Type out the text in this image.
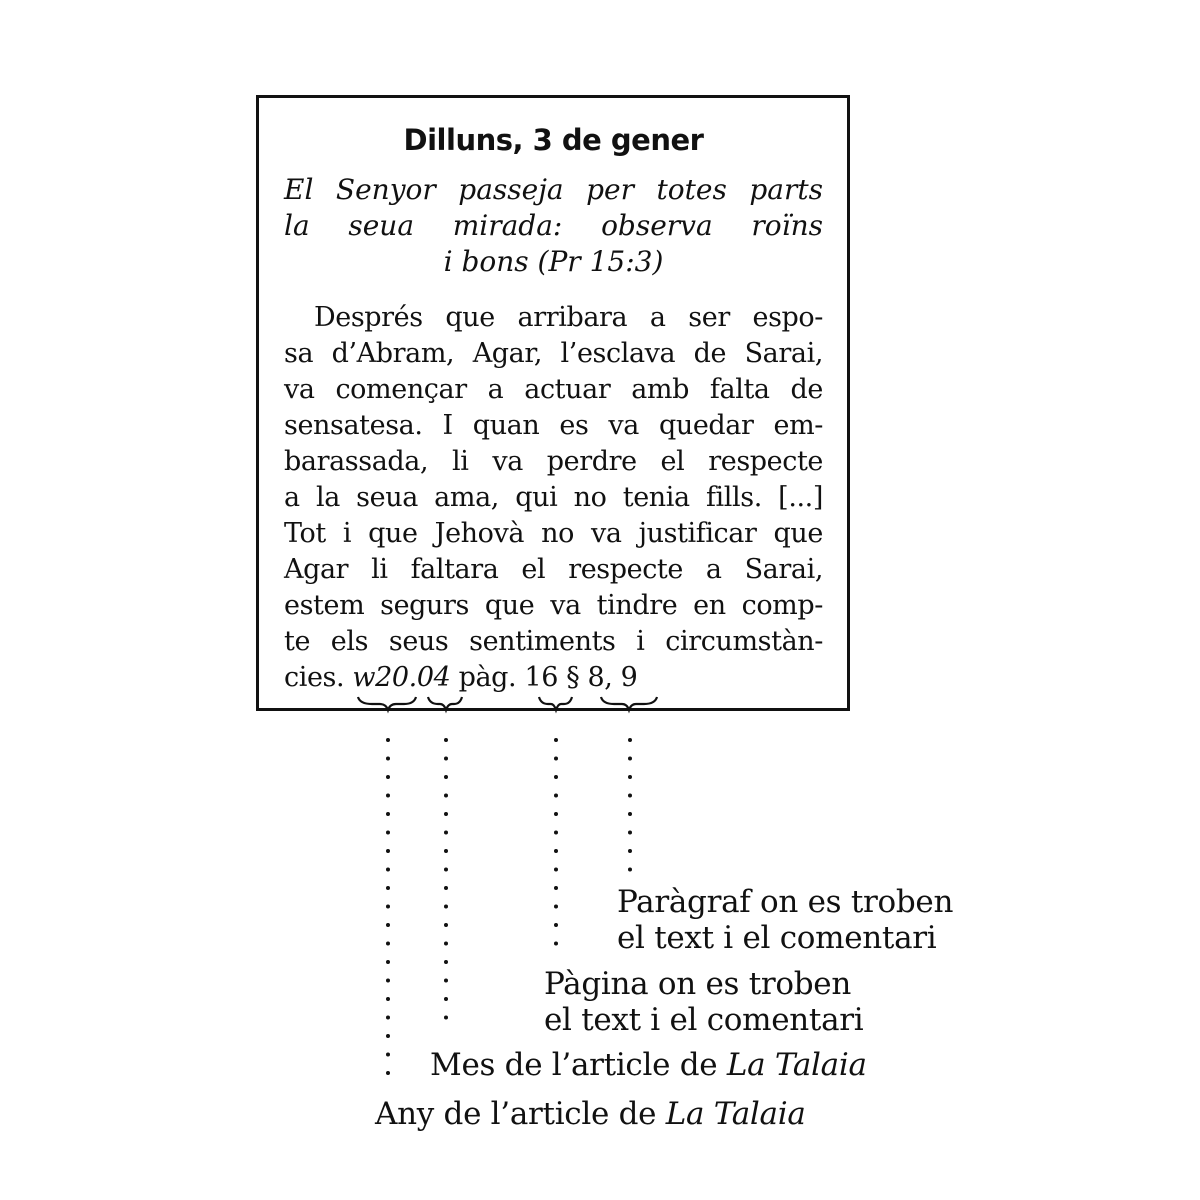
Dilluns, 3 de gener

El Senyor passeja per totes parts
la seua mirada: observa roïns
i bons (Pr 15:3)

Després que arribara a ser espo-
sa d’Abram, Agar, l’esclava de Sarai,
va començar a actuar amb falta de
sensatesa. I quan es va quedar em-
barassada, li va perdre el respecte
a la seua ama, qui no tenia fills. [...]
Tot i que Jehovà no va justificar que
Agar li faltara el respecte a Sarai,
estem segurs que va tindre en comp-
te els seus sentiments i circumstàn-
cies. w20.04 pàg. 16 § 8, 9
Paràgraf on es troben
el text i el comentari
Pàgina on es troben
el text i el comentari
Mes de l’article de La Talaia
Any de l’article de La Talaia
